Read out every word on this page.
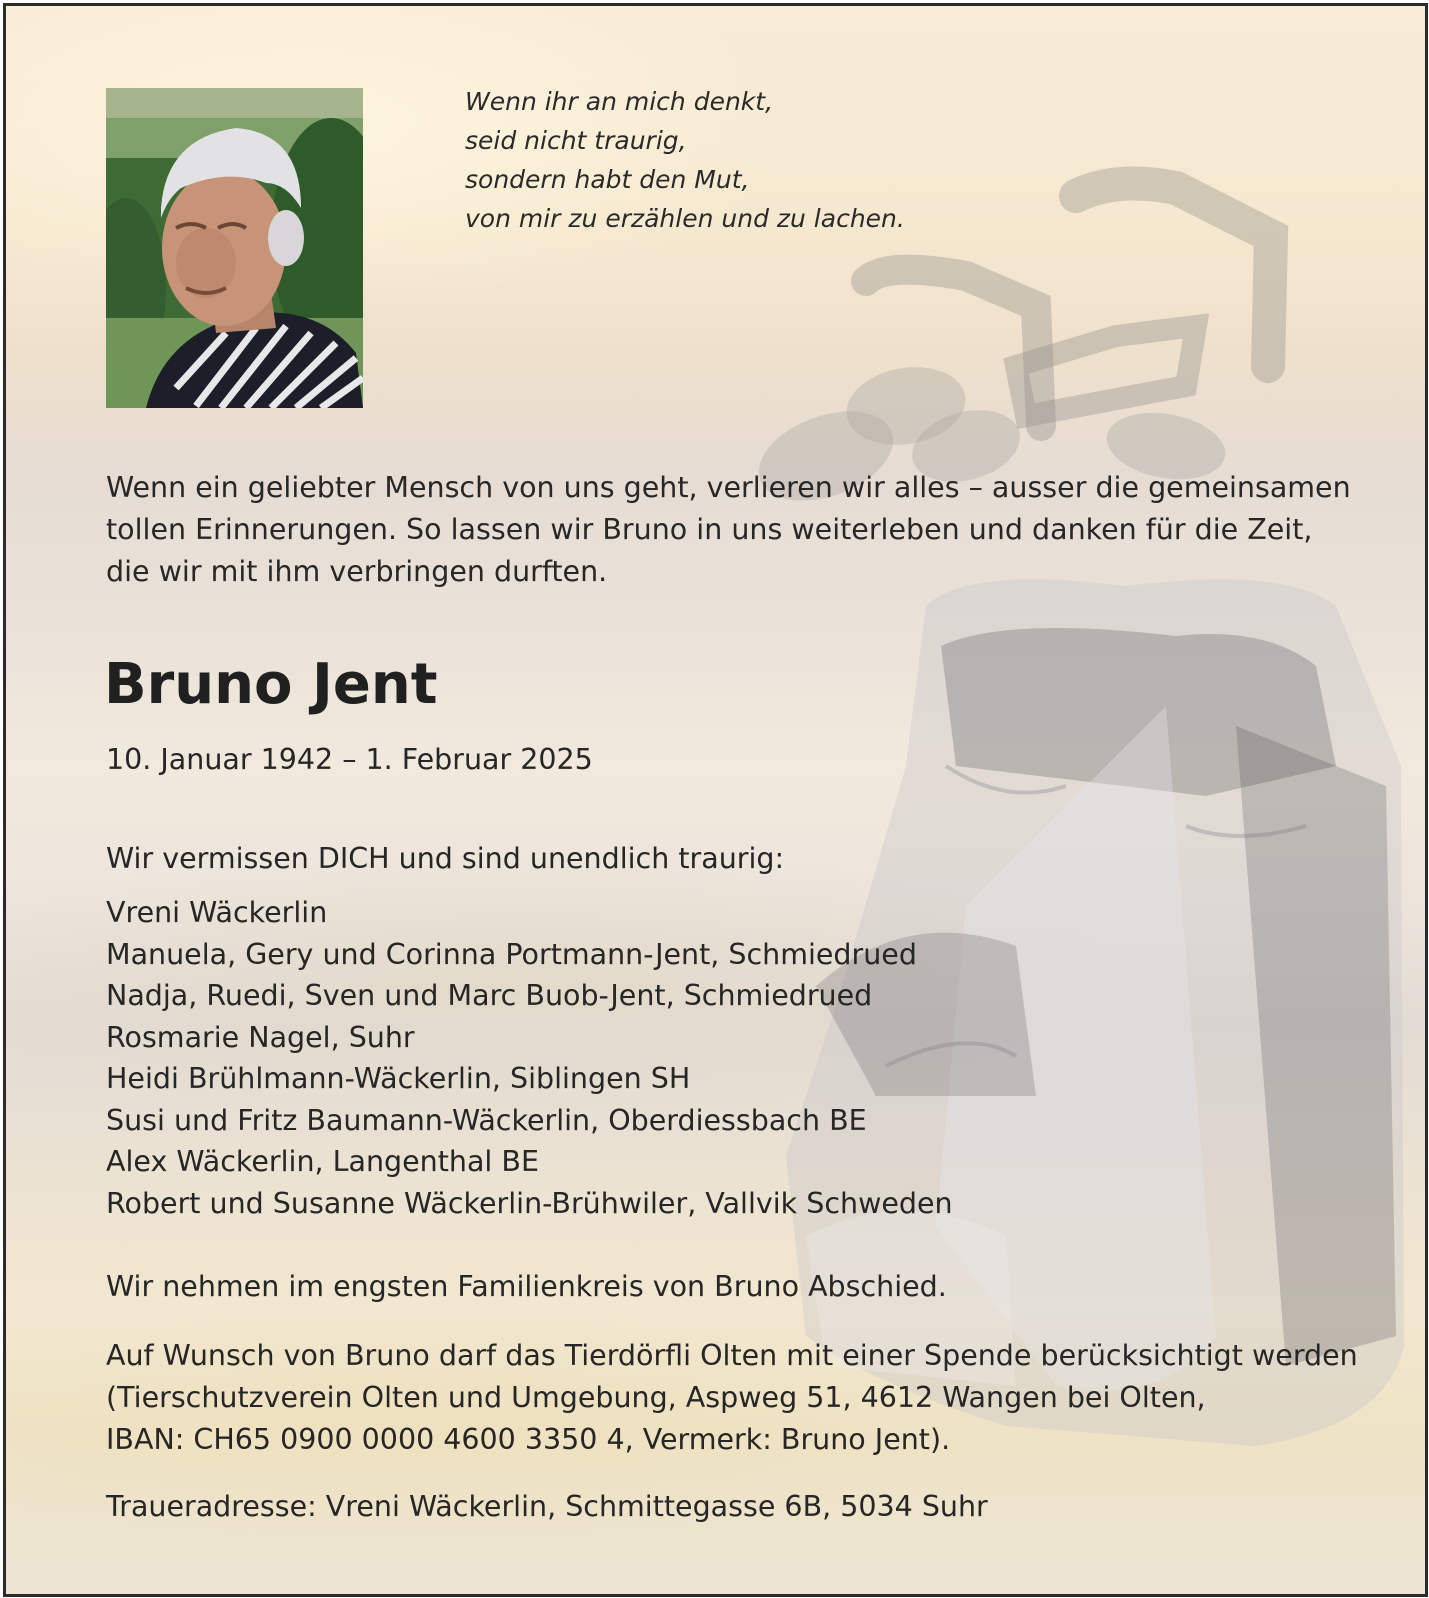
Wenn ihr an mich denkt,
seid nicht traurig,
sondern habt den Mut,
von mir zu erzählen und zu lachen.
Wenn ein geliebter Mensch von uns geht, verlieren wir alles – ausser die gemeinsamen
tollen Erinnerungen. So lassen wir Bruno in uns weiterleben und danken für die Zeit,
die wir mit ihm verbringen durften.
Bruno Jent
10. Januar 1942 – 1. Februar 2025
Wir vermissen DICH und sind unendlich traurig:
Vreni Wäckerlin
Manuela, Gery und Corinna Portmann-Jent, Schmiedrued
Nadja, Ruedi, Sven und Marc Buob-Jent, Schmiedrued
Rosmarie Nagel, Suhr
Heidi Brühlmann-Wäckerlin, Siblingen SH
Susi und Fritz Baumann-Wäckerlin, Oberdiessbach BE
Alex Wäckerlin, Langenthal BE
Robert und Susanne Wäckerlin-Brühwiler, Vallvik Schweden
Wir nehmen im engsten Familienkreis von Bruno Abschied.
Auf Wunsch von Bruno darf das Tierdörfli Olten mit einer Spende berücksichtigt werden
(Tierschutzverein Olten und Umgebung, Aspweg 51, 4612 Wangen bei Olten,
IBAN: CH65 0900 0000 4600 3350 4, Vermerk: Bruno Jent).
Traueradresse: Vreni Wäckerlin, Schmittegasse 6B, 5034 Suhr
